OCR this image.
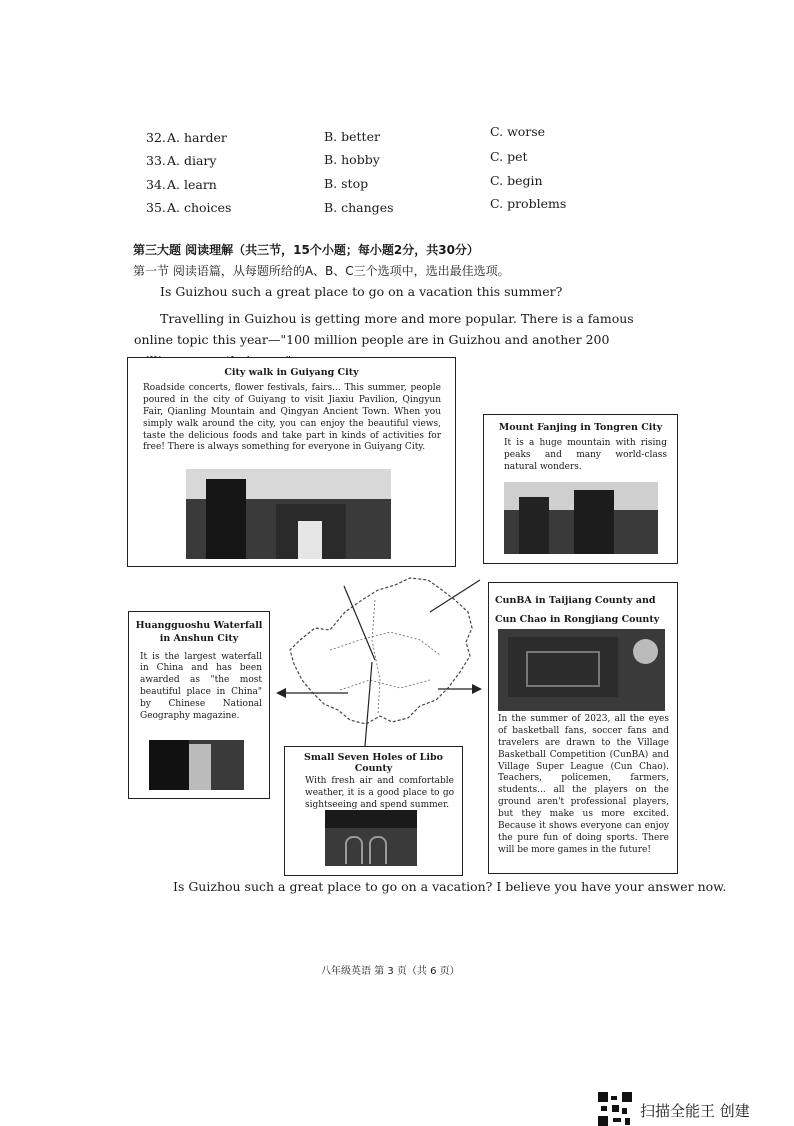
32. A. harder	B. better	C. worse
33. A. diary	B. hobby	C. pet
34. A. learn	B. stop	C. begin
35. A. choices	B. changes	C. problems
第三大题 阅读理解（共三节，15个小题；每小题2分，共30分）
第一节 阅读语篇，从每题所给的A、B、C三个选项中，选出最佳选项。
Is Guizhou such a great place to go on a vacation this summer?
Travelling in Guizhou is getting more and more popular. There is a famous online topic this year—"100 million people are in Guizhou and another 200
City walk in Guiyang City
Roadside concerts, flower festivals, fairs... This summer, people poured in the city of Guiyang to visit Jiaxiu Pavilion, Qingyun Fair, Qianling Mountain and Qingyan Ancient Town. When you simply walk around the city, you can enjoy the beautiful views, taste the delicious foods and take part in kinds of activities for free! There is always something for everyone in Guiyang City.
Mount Fanjing in Tongren City
It is a huge mountain with rising peaks and many world-class natural wonders.
Huangguoshu Waterfall in Anshun City
It is the largest waterfall in China and has been awarded as "the most beautiful place in China" by Chinese National Geography magazine.
CunBA in Taijiang County and Cun Chao in Rongjiang County
In the summer of 2023, all the eyes of basketball fans, soccer fans and travelers are drawn to the Village Basketball Competition (CunBA) and Village Super League (Cun Chao). Teachers, policemen, farmers, students... all the players on the ground aren't professional players, but they make us more excited. Because it shows everyone can enjoy the pure fun of doing sports. There will be more games in the future!
Small Seven Holes of Libo County
With fresh air and comfortable weather, it is a good place to go sightseeing and spend summer.
Is Guizhou such a great place to go on a vacation? I believe you have your answer now.
八年级英语 第 3 页（共 6 页）
扫描全能王 创建
